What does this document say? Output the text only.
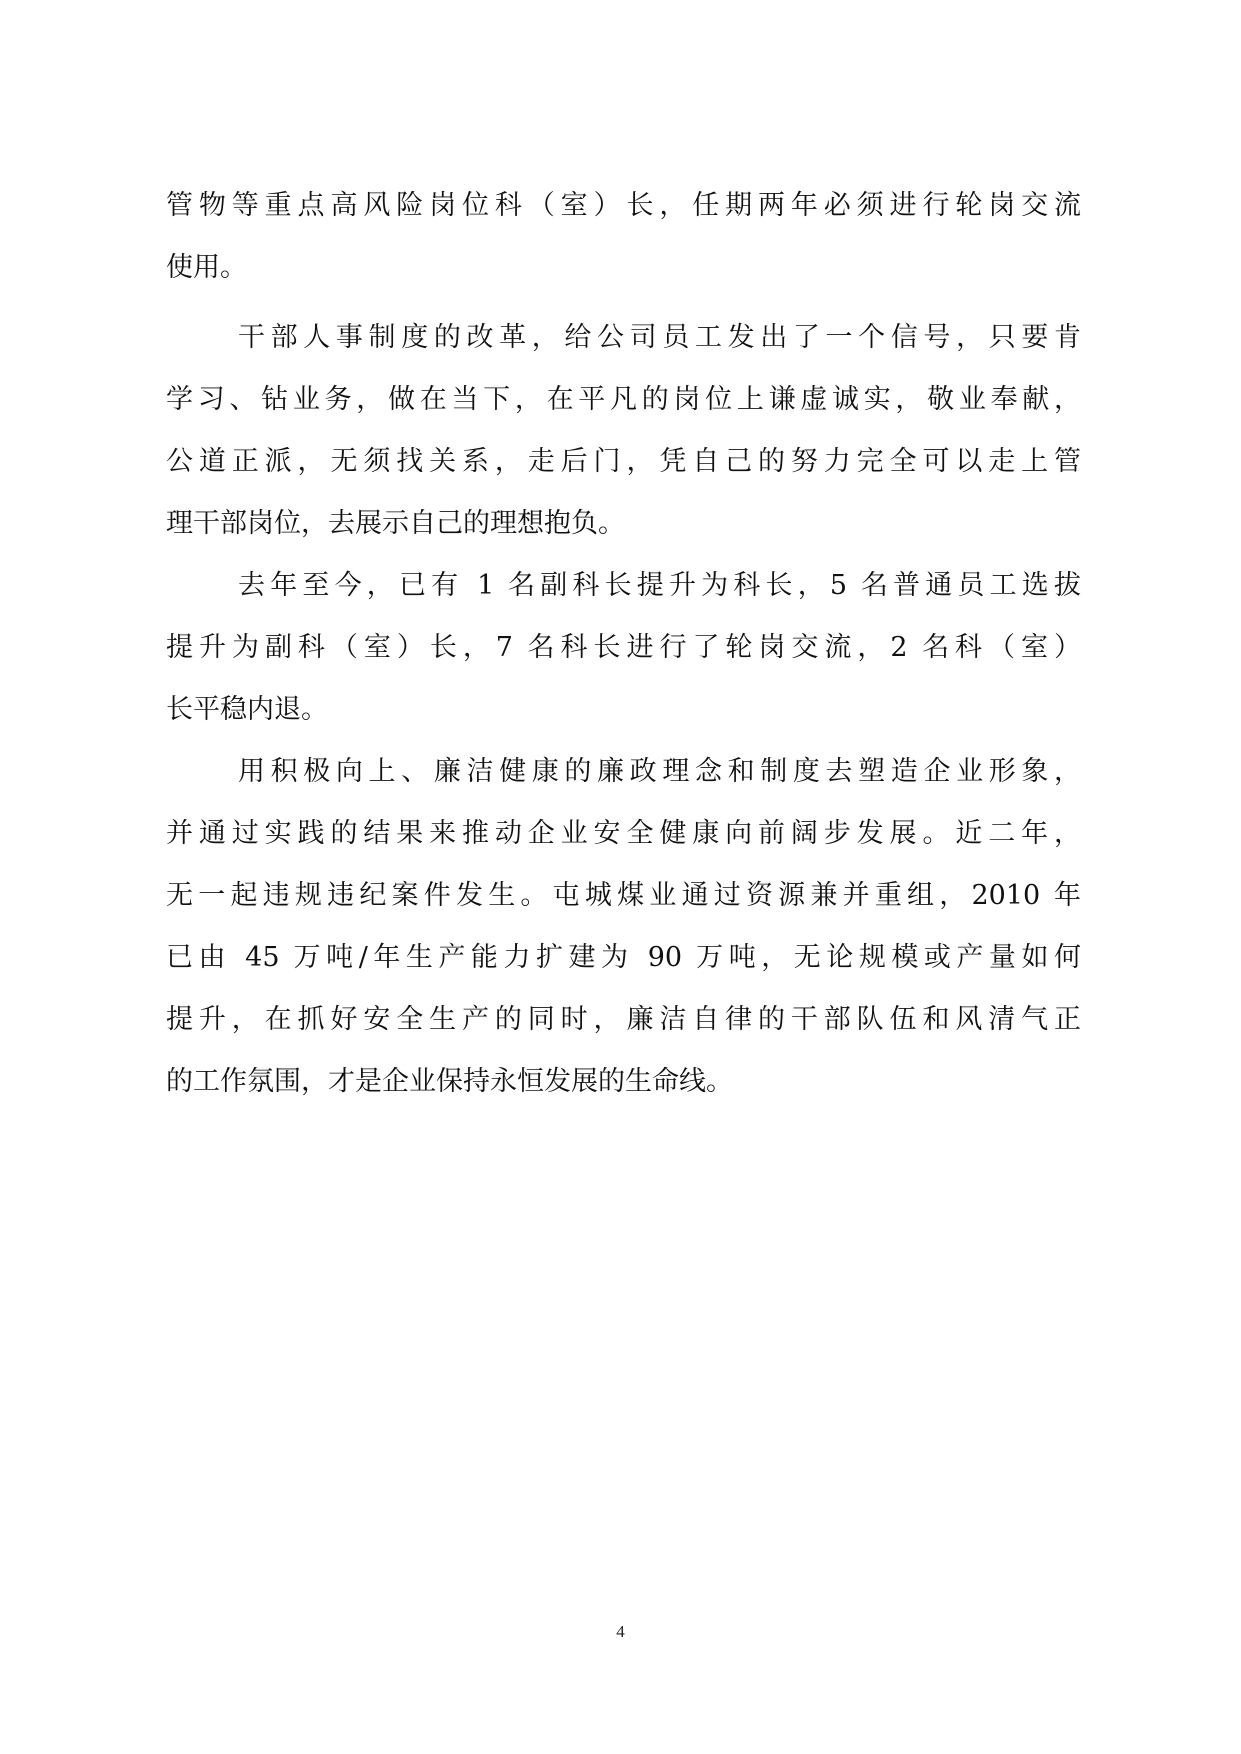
管物等重点高风险岗位科（室）长，任期两年必须进行轮岗交流
使用。
干部人事制度的改革，给公司员工发出了一个信号，只要肯
学习、钻业务，做在当下，在平凡的岗位上谦虚诚实，敬业奉献，
公道正派，无须找关系，走后门，凭自己的努力完全可以走上管
理干部岗位，去展示自己的理想抱负。
去年至今，已有 1 名副科长提升为科长，5 名普通员工选拔
提升为副科（室）长，7 名科长进行了轮岗交流，2 名科（室）
长平稳内退。
用积极向上、廉洁健康的廉政理念和制度去塑造企业形象，
并通过实践的结果来推动企业安全健康向前阔步发展。近二年，
无一起违规违纪案件发生。屯城煤业通过资源兼并重组，2010 年
已由 45 万吨/年生产能力扩建为 90 万吨，无论规模或产量如何
提升，在抓好安全生产的同时，廉洁自律的干部队伍和风清气正
的工作氛围，才是企业保持永恒发展的生命线。
4
